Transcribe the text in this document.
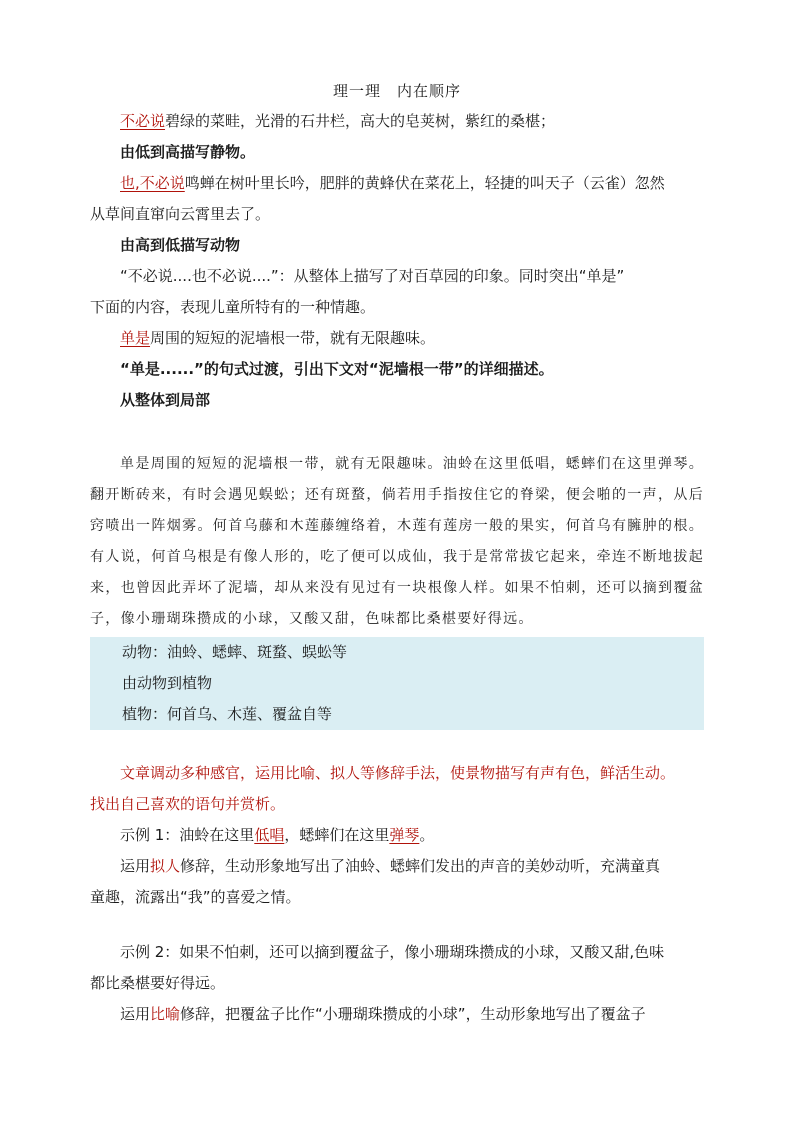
理一理　内在顺序
不必说碧绿的菜畦，光滑的石井栏，高大的皂荚树，紫红的桑椹；
由低到高描写静物。
也,不必说鸣蝉在树叶里长吟，肥胖的黄蜂伏在菜花上，轻捷的叫天子（云雀）忽然
从草间直窜向云霄里去了。
由高到低描写动物
“不必说....也不必说....”：从整体上描写了对百草园的印象。同时突出“单是”
下面的内容，表现儿童所特有的一种情趣。
单是周围的短短的泥墙根一带，就有无限趣味。
“单是......”的句式过渡，引出下文对“泥墙根一带”的详细描述。
从整体到局部

单是周围的短短的泥墙根一带，就有无限趣味。油蛉在这里低唱，蟋蟀们在这里弹琴。翻开断砖来，有时会遇见蜈蚣；还有斑蝥，倘若用手指按住它的脊梁，便会啪的一声，从后窍喷出一阵烟雾。何首乌藤和木莲藤缠络着，木莲有莲房一般的果实，何首乌有臃肿的根。有人说，何首乌根是有像人形的，吃了便可以成仙，我于是常常拔它起来，牵连不断地拔起来，也曾因此弄坏了泥墙，却从来没有见过有一块根像人样。如果不怕刺，还可以摘到覆盆子，像小珊瑚珠攒成的小球，又酸又甜，色味都比桑椹要好得远。

动物：油蛉、蟋蟀、斑蝥、蜈蚣等
由动物到植物
植物：何首乌、木莲、覆盆自等
文章调动多种感官，运用比喻、拟人等修辞手法，使景物描写有声有色，鲜活生动。
找出自己喜欢的语句并赏析。
示例 1：油蛉在这里低唱，蟋蟀们在这里弹琴。
运用拟人修辞，生动形象地写出了油蛉、蟋蟀们发出的声音的美妙动听，充满童真
童趣，流露出“我”的喜爱之情。
示例 2：如果不怕刺，还可以摘到覆盆子，像小珊瑚珠攒成的小球，又酸又甜,色味
都比桑椹要好得远。
运用比喻修辞，把覆盆子比作“小珊瑚珠攒成的小球”，生动形象地写出了覆盆子
